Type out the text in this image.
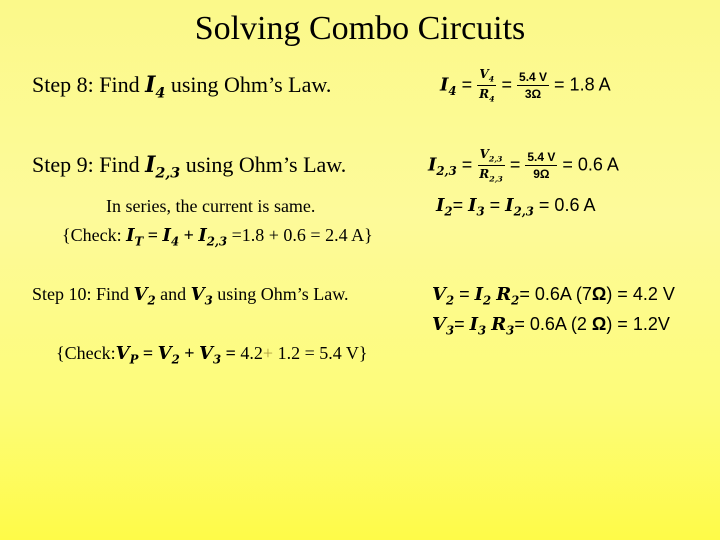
Solving Combo Circuits
Step 8: Find $I_4$ using Ohm’s Law.	$I_4 = \frac{V_4}{R_4} = \frac{5.4 V}{3\Omega} = 1.8$ A
Step 9: Find $I_{2,3}$ using Ohm’s Law.	$I_{2,3} = \frac{V_{2,3}}{R_{2,3}} = \frac{5.4 V}{9\Omega} = 0.6$ A
In series, the current is same.	$I_2= I_3 = I_{2,3} = 0.6$ A
{Check: $I_T = I_4 + I_{2,3} =1.8 + 0.6 = 2.4$ A}
Step 10: Find $V_2$ and $V_3$ using Ohm’s Law.	$V_2 = I_2$ $R_2= 0.6A$ (7Ω) = 4.2 V
$V_3= I_3$ $R_3= 0.6A$ (2 Ω) = 1.2V
{$Check:V_P = V_2 + V_3 = 4.2+ 1.2 = 5.4$ V}
